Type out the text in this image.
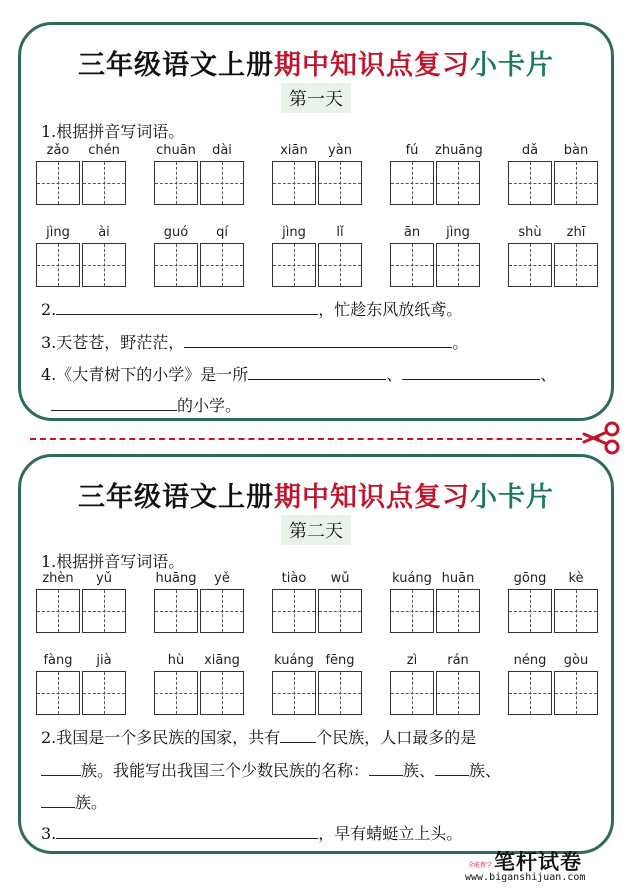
三年级语文上册期中知识点复习小卡片
第一天
1.根据拼音写词语。
zǎo	chén	chuān	dài	xiān	yàn	fú	zhuāng	dǎ	bàn
jìng	ài	guó	qí	jìng	lǐ	ān	jìng	shù	zhī
2.	，忙趁东风放纸鸢。
3.天苍苍，野茫茫，	。
4.《大青树下的小学》是一所	、	、
的小学。
三年级语文上册期中知识点复习小卡片
第二天
1.根据拼音写词语。
zhèn	yǔ	huāng	yě	tiào	wǔ	kuáng huān	gōng	kè
fàng	jià	hù	xiāng	kuáng fēng	zì	rán	néng	gòu
2.我国是一个多民族的国家，共有 个民族，人口最多的是
族。我能写出我国三个少数民族的名称： 族、 族、
族。
3.	，早有蜻蜓立上头。
笔杆试卷
全能教学
www.biganshijuan.com
